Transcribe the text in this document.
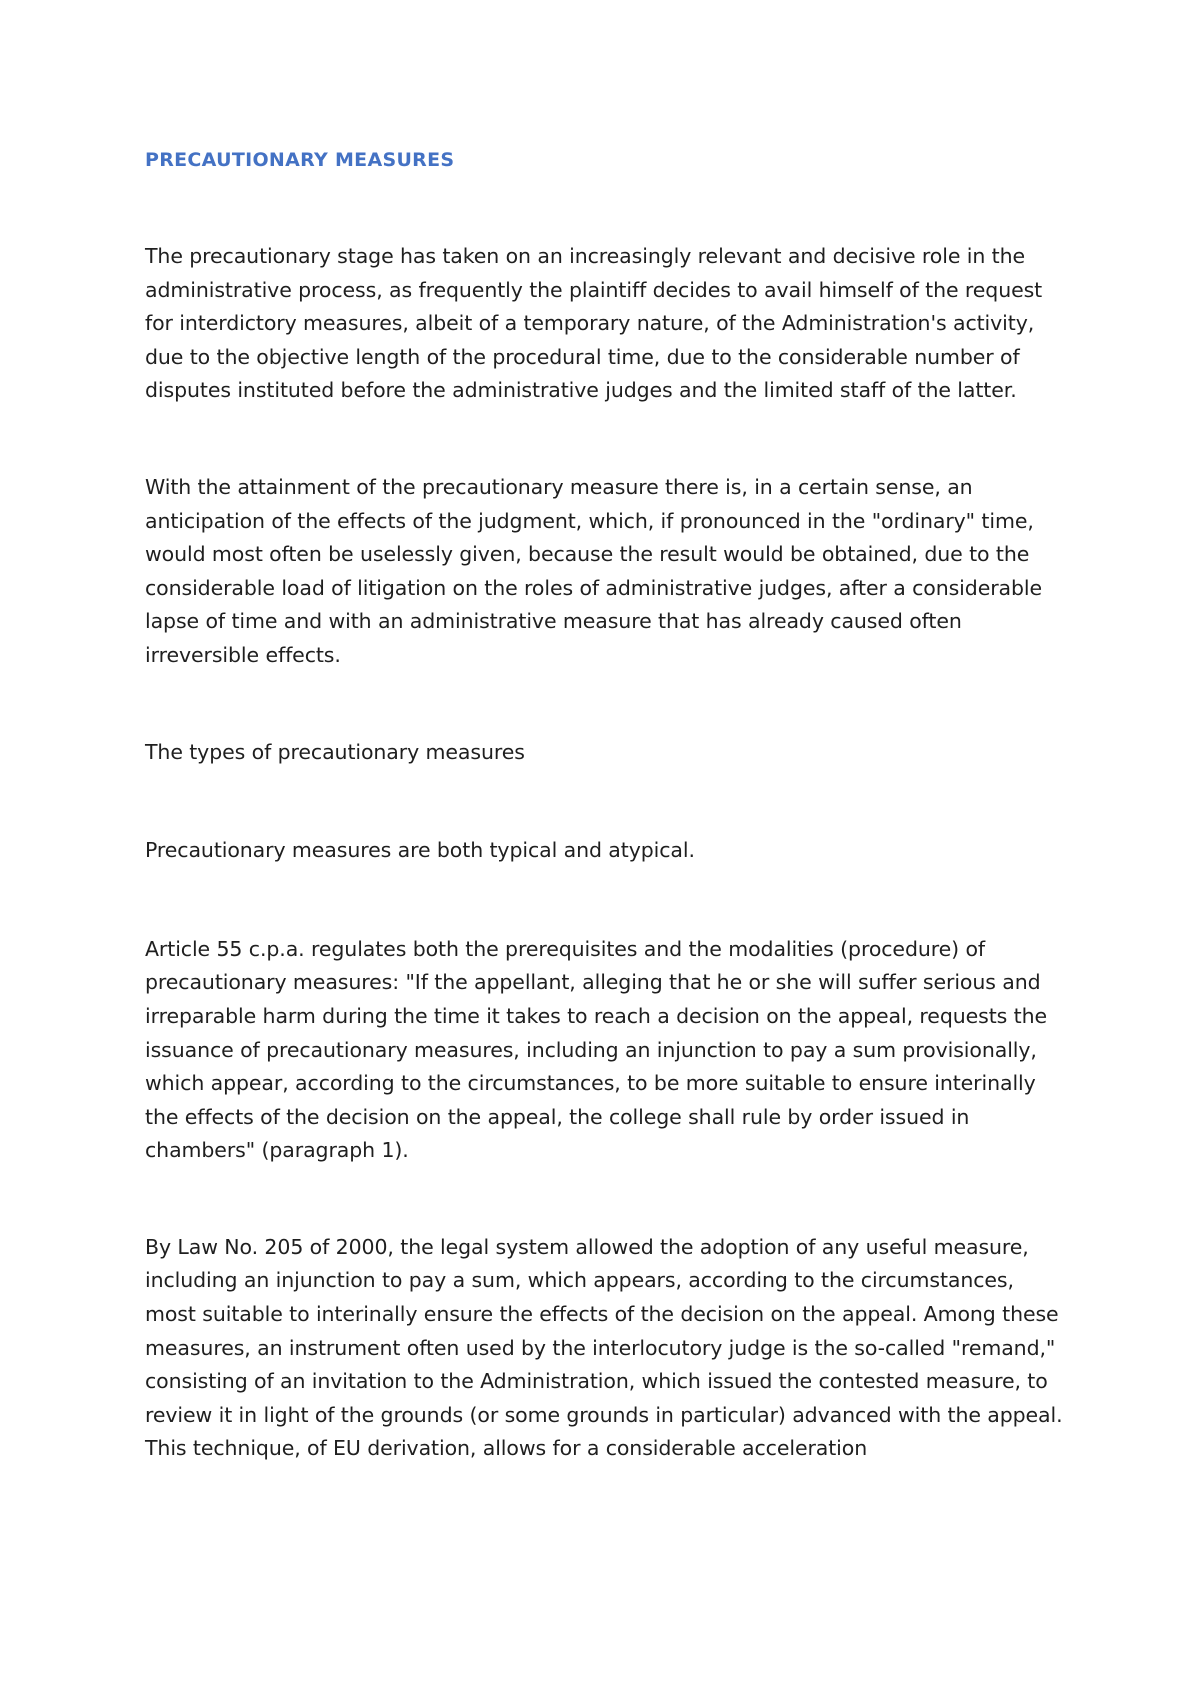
PRECAUTIONARY MEASURES

The precautionary stage has taken on an increasingly relevant and decisive role in the administrative process, as frequently the plaintiff decides to avail himself of the request for interdictory measures, albeit of a temporary nature, of the Administration's activity, due to the objective length of the procedural time, due to the considerable number of disputes instituted before the administrative judges and the limited staff of the latter.

With the attainment of the precautionary measure there is, in a certain sense, an anticipation of the effects of the judgment, which, if pronounced in the "ordinary" time, would most often be uselessly given, because the result would be obtained, due to the considerable load of litigation on the roles of administrative judges, after a considerable lapse of time and with an administrative measure that has already caused often irreversible effects.

The types of precautionary measures

Precautionary measures are both typical and atypical.

Article 55 c.p.a. regulates both the prerequisites and the modalities (procedure) of precautionary measures: "If the appellant, alleging that he or she will suffer serious and irreparable harm during the time it takes to reach a decision on the appeal, requests the issuance of precautionary measures, including an injunction to pay a sum provisionally, which appear, according to the circumstances, to be more suitable to ensure interinally the effects of the decision on the appeal, the college shall rule by order issued in chambers" (paragraph 1).

By Law No. 205 of 2000, the legal system allowed the adoption of any useful measure, including an injunction to pay a sum, which appears, according to the circumstances, most suitable to interinally ensure the effects of the decision on the appeal. Among these measures, an instrument often used by the interlocutory judge is the so-called "remand," consisting of an invitation to the Administration, which issued the contested measure, to review it in light of the grounds (or some grounds in particular) advanced with the appeal. This technique, of EU derivation, allows for a considerable acceleration
